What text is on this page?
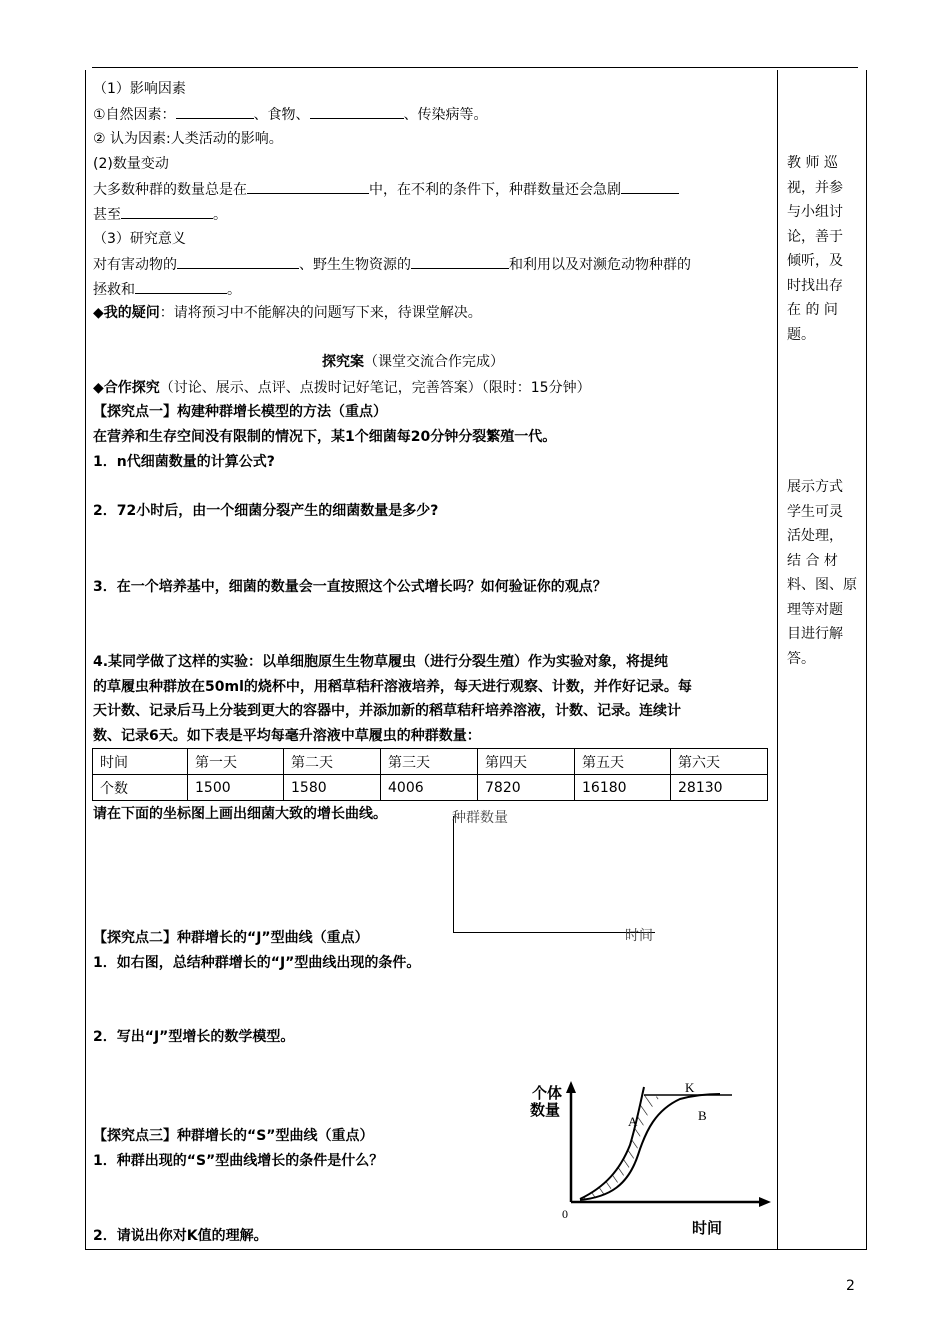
（1）影响因素
①自然因素：	、食物、	、传染病等。
② 认为因素:人类活动的影响。
(2)数量变动
大多数种群的数量总是在	中，在不利的条件下，种群数量还会急剧
甚至	。
（3）研究意义
对有害动物的	、野生生物资源的	和利用以及对濒危动物种群的
拯救和	。
◆我的疑问：请将预习中不能解决的问题写下来，待课堂解决。
探究案（课堂交流合作完成）
◆合作探究（讨论、展示、点评、点拨时记好笔记，完善答案）（限时：15分钟）
【探究点一】构建种群增长模型的方法（重点）
在营养和生存空间没有限制的情况下，某1个细菌每20分钟分裂繁殖一代。
1．n代细菌数量的计算公式?
2．72小时后，由一个细菌分裂产生的细菌数量是多少?
3．在一个培养基中，细菌的数量会一直按照这个公式增长吗？如何验证你的观点？
4.某同学做了这样的实验：以单细胞原生生物草履虫（进行分裂生殖）作为实验对象，将提纯
的草履虫种群放在50ml的烧杯中，用稻草秸秆溶液培养，每天进行观察、计数，并作好记录。每
天计数、记录后马上分装到更大的容器中，并添加新的稻草秸秆培养溶液，计数、记录。连续计
数、记录6天。如下表是平均每毫升溶液中草履虫的种群数量：
时间	第一天	第二天	第三天	第四天	第五天	第六天
个数	1500	1580	4006	7820	16180	28130
请在下面的坐标图上画出细菌大致的增长曲线。	种群数量
时间
【探究点二】种群增长的“J”型曲线（重点）
1．如右图，总结种群增长的“J”型曲线出现的条件。
2．写出“J”型增长的数学模型。
【探究点三】种群增长的“S”型曲线（重点）
1．种群出现的“S”型曲线增长的条件是什么？
2．请说出你对K值的理解。
K
A	B
0
个体
数量
时间
教 师 巡
视，并参
与小组讨
论，善于
倾听，及
时找出存
在 的 问
题。
展示方式
学生可灵
活处理，
结 合 材
料、图、原
理等对题
目进行解
答。
2
